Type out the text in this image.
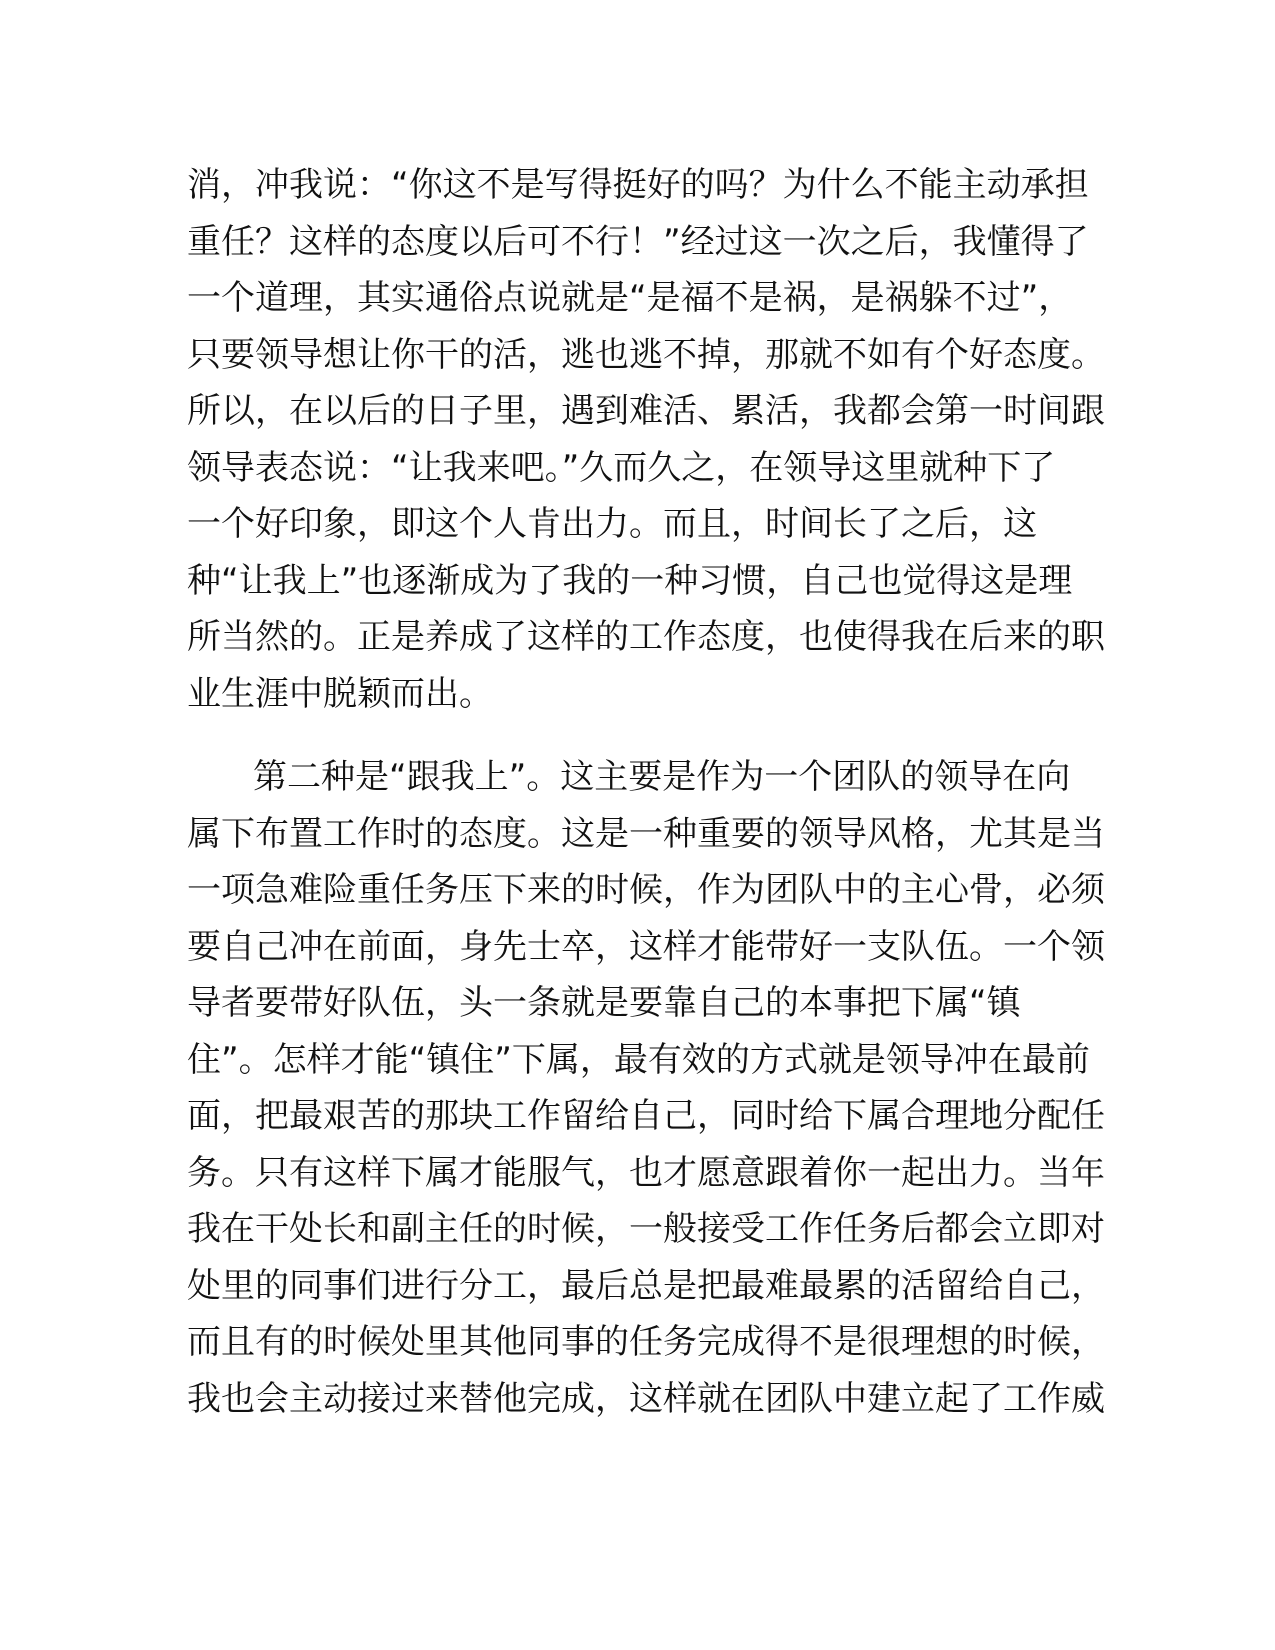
消，冲我说：“你这不是写得挺好的吗？为什么不能主动承担
重任？这样的态度以后可不行！”经过这一次之后，我懂得了
一个道理，其实通俗点说就是“是福不是祸，是祸躲不过”，
只要领导想让你干的活，逃也逃不掉，那就不如有个好态度。
所以，在以后的日子里，遇到难活、累活，我都会第一时间跟
领导表态说：“让我来吧。”久而久之，在领导这里就种下了
一个好印象，即这个人肯出力。而且，时间长了之后，这
种“让我上”也逐渐成为了我的一种习惯，自己也觉得这是理
所当然的。正是养成了这样的工作态度，也使得我在后来的职
业生涯中脱颖而出。
第二种是“跟我上”。这主要是作为一个团队的领导在向
属下布置工作时的态度。这是一种重要的领导风格，尤其是当
一项急难险重任务压下来的时候，作为团队中的主心骨，必须
要自己冲在前面，身先士卒，这样才能带好一支队伍。一个领
导者要带好队伍，头一条就是要靠自己的本事把下属“镇
住”。怎样才能“镇住”下属，最有效的方式就是领导冲在最前
面，把最艰苦的那块工作留给自己，同时给下属合理地分配任
务。只有这样下属才能服气，也才愿意跟着你一起出力。当年
我在干处长和副主任的时候，一般接受工作任务后都会立即对
处里的同事们进行分工，最后总是把最难最累的活留给自己，
而且有的时候处里其他同事的任务完成得不是很理想的时候，
我也会主动接过来替他完成，这样就在团队中建立起了工作威
